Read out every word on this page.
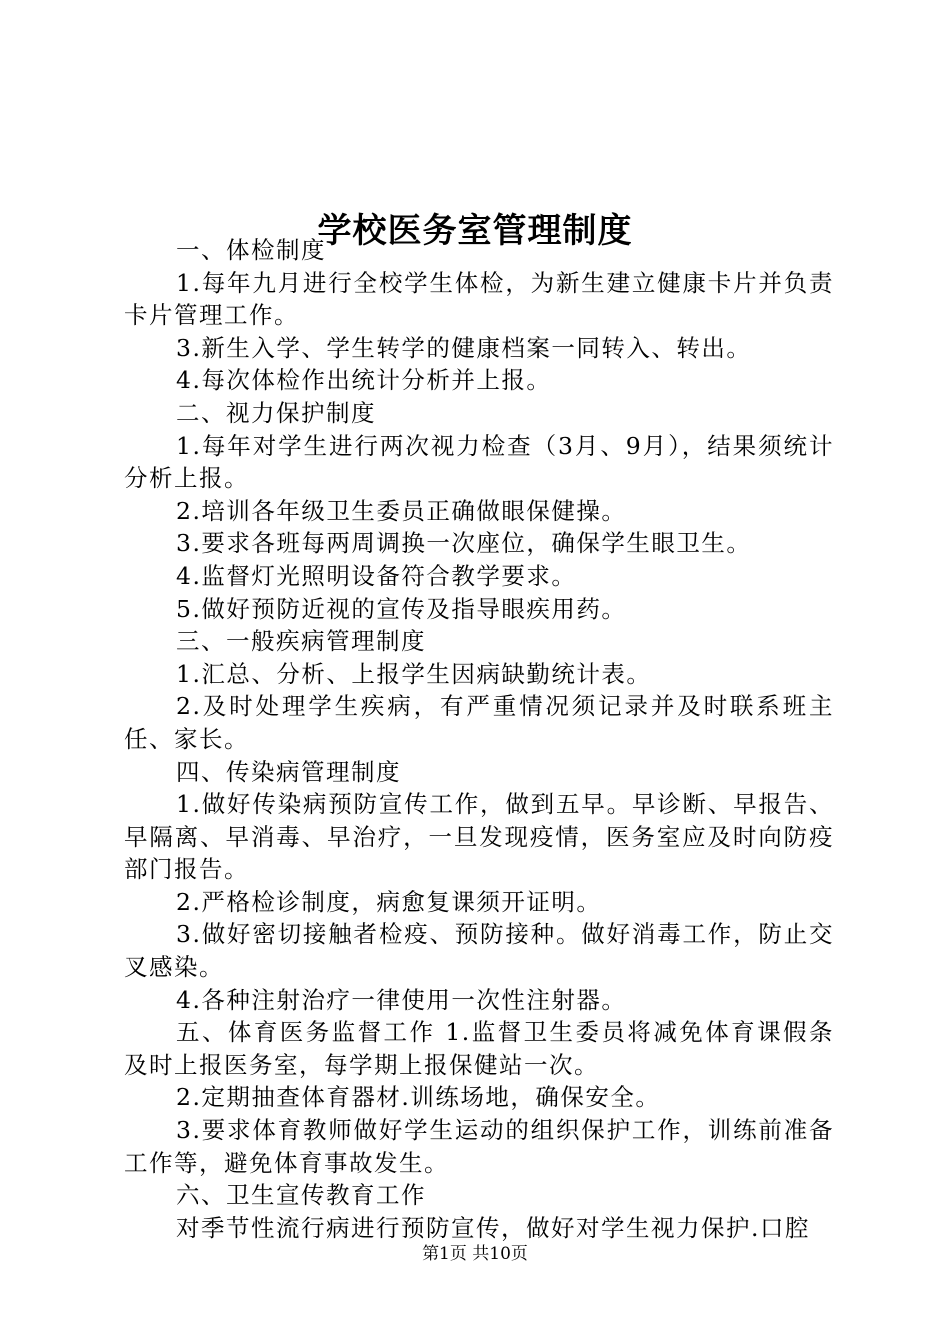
学校医务室管理制度

一、体检制度

1.每年九月进行全校学生体检，为新生建立健康卡片并负责卡片管理工作。

3.新生入学、学生转学的健康档案一同转入、转出。

4.每次体检作出统计分析并上报。

二、视力保护制度

1.每年对学生进行两次视力检查（3月、9月），结果须统计分析上报。

2.培训各年级卫生委员正确做眼保健操。

3.要求各班每两周调换一次座位，确保学生眼卫生。

4.监督灯光照明设备符合教学要求。

5.做好预防近视的宣传及指导眼疾用药。

三、一般疾病管理制度

1.汇总、分析、上报学生因病缺勤统计表。

2.及时处理学生疾病，有严重情况须记录并及时联系班主任、家长。

四、传染病管理制度

1.做好传染病预防宣传工作，做到五早。早诊断、早报告、早隔离、早消毒、早治疗，一旦发现疫情，医务室应及时向防疫部门报告。

2.严格检诊制度，病愈复课须开证明。

3.做好密切接触者检疫、预防接种。做好消毒工作，防止交叉感染。

4.各种注射治疗一律使用一次性注射器。

五、体育医务监督工作 1.监督卫生委员将减免体育课假条及时上报医务室，每学期上报保健站一次。

2.定期抽查体育器材.训练场地，确保安全。

3.要求体育教师做好学生运动的组织保护工作，训练前准备工作等，避免体育事故发生。

六、卫生宣传教育工作

对季节性流行病进行预防宣传，做好对学生视力保护.口腔

第1页 共10页
